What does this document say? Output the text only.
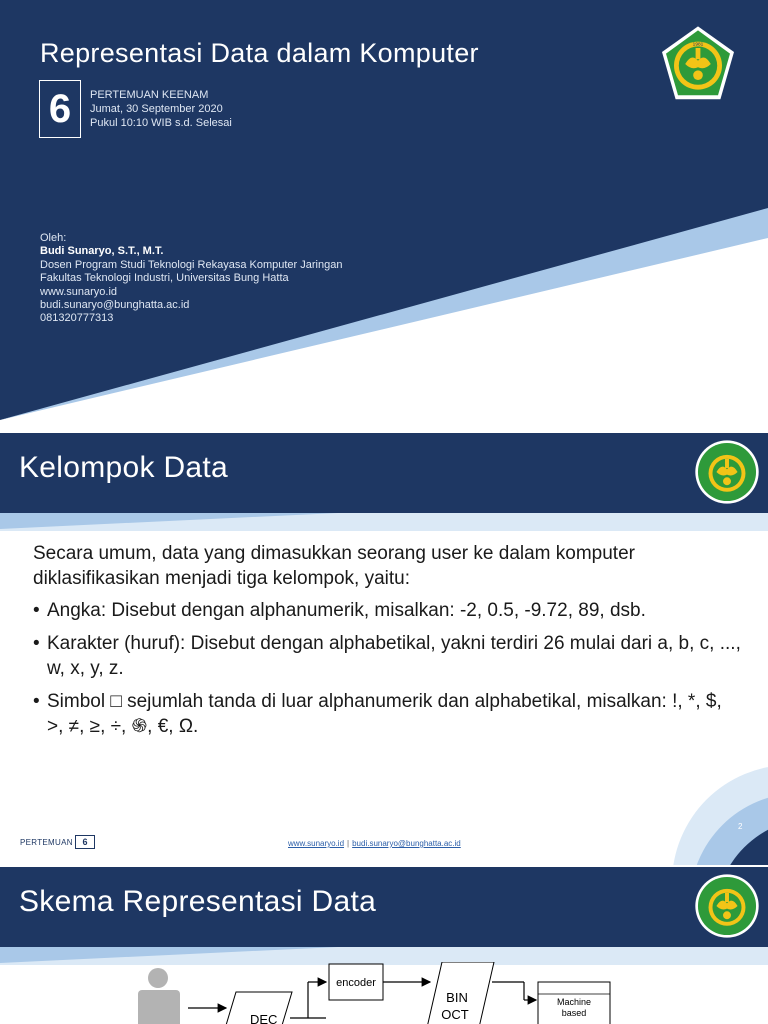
Representasi Data dalam Komputer
6	PERTEMUAN KEENAM
Jumat, 30 September 2020
Pukul 10:10 WIB s.d. Selesai
Oleh:
Budi Sunaryo, S.T., M.T.
Dosen Program Studi Teknologi Rekayasa Komputer Jaringan
Fakultas Teknologi Industri, Universitas Bung Hatta
www.sunaryo.id
budi.sunaryo@bunghatta.ac.id
081320777313
1981
Kelompok Data

Secara umum, data yang dimasukkan seorang user ke dalam komputer diklasifikasikan menjadi tiga kelompok, yaitu:

• Angka: Disebut dengan alphanumerik, misalkan: -2, 0.5, -9.72, 89, dsb.
• Karakter (huruf): Disebut dengan alphabetikal, yakni terdiri 26 mulai dari a, b, c, ..., w, x, y, z.
• Simbol □ sejumlah tanda di luar alphanumerik dan alphabetikal, misalkan: !, *, $, >, ≠, ≥, ÷, ֍, €, Ω.
PERTEMUAN	6	www.sunaryo.id | budi.sunaryo@bunghatta.ac.id
2
Skema Representasi Data
DEC
encoder
BIN
OCT
Machine
based
